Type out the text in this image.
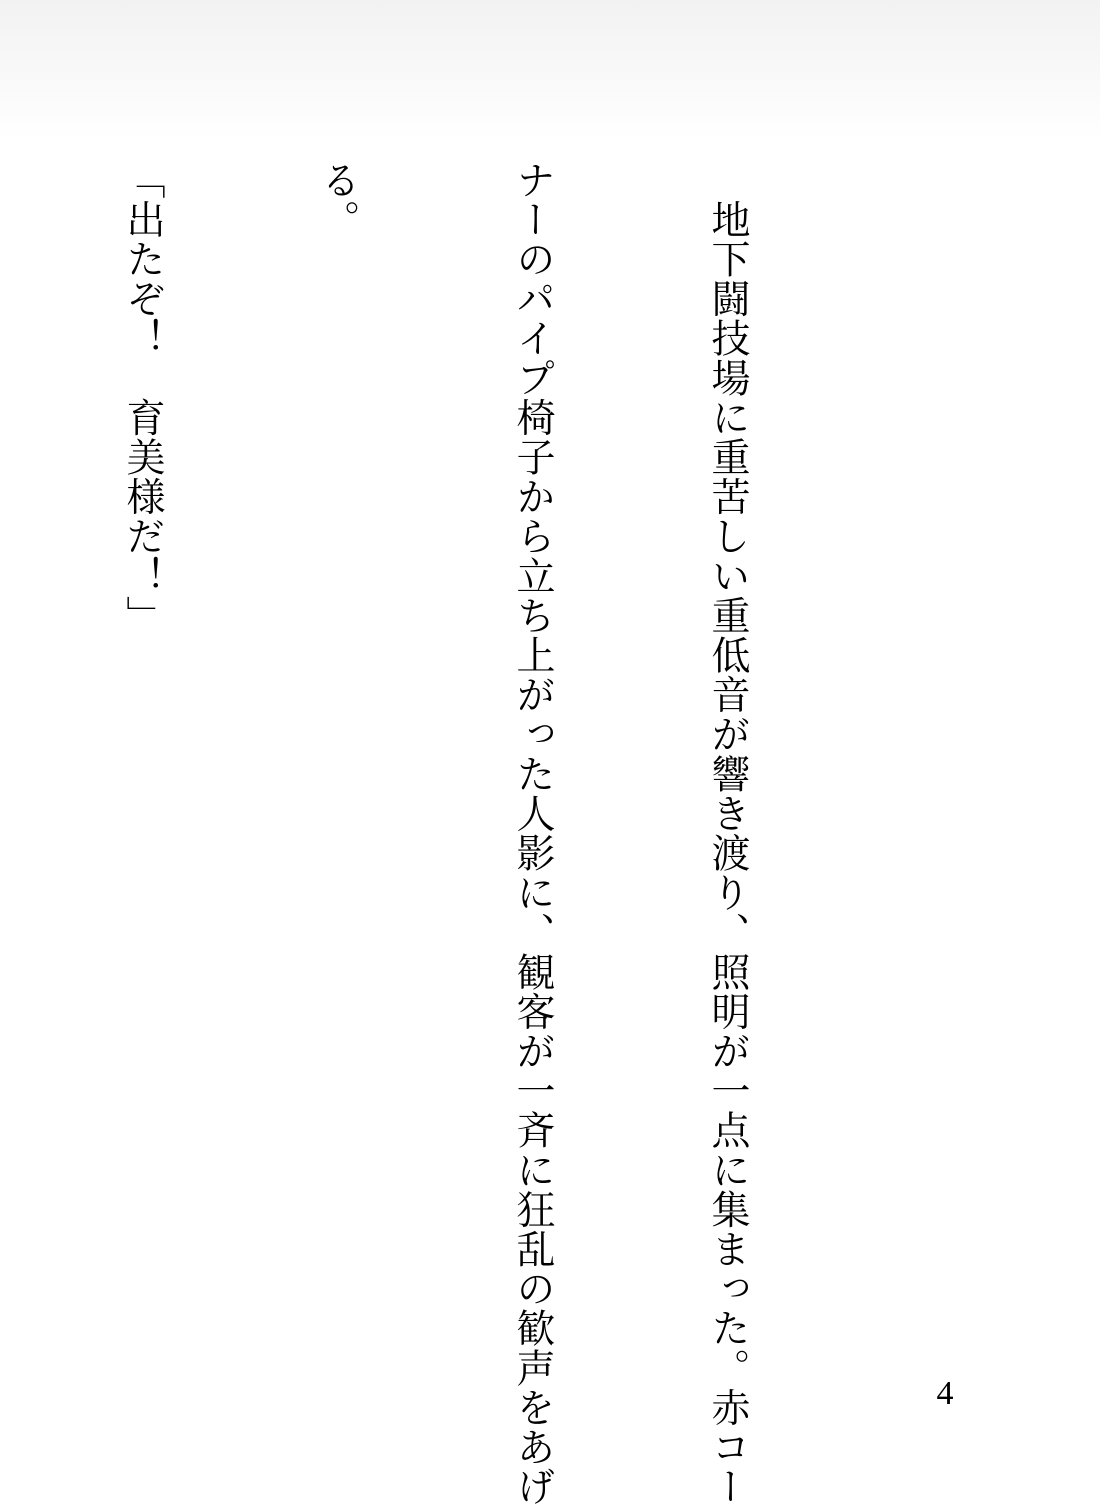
　地下闘技場に重苦しい重低音が響き渡り、照明が一点に集まった。赤コー

ナーのパイプ椅子から立ち上がった人影に、観客が一斉に狂乱の歓声をあげ

る。

「出たぞ！　育美様だ！」

4
